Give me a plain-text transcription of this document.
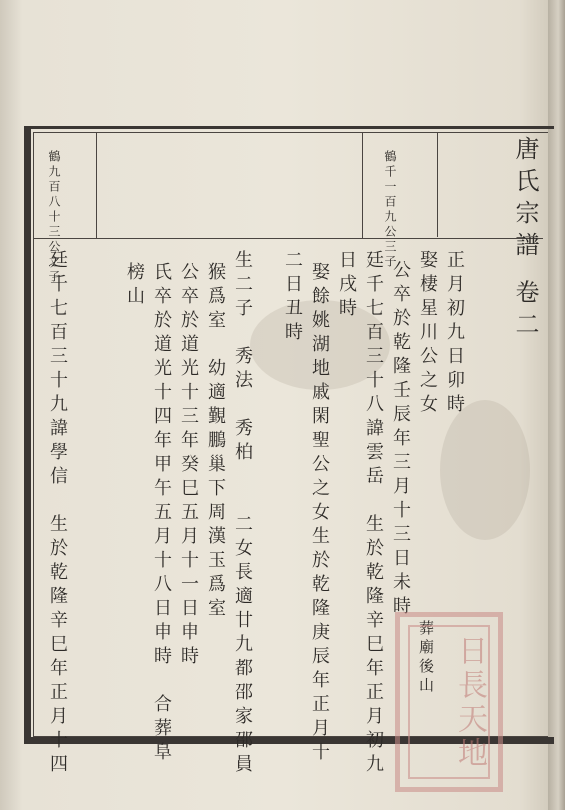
唐氏宗譜 卷二
鶴千一百九公三子
鶴九百八十三公之子
正月初九日卯時
娶棲星川公之女
公卒於乾隆壬辰年三月十三日未時
廷千七百三十八諱雲岳　生於乾隆辛巳年正月初九
日戌時
娶餘姚湖地戚閑聖公之女生於乾隆庚辰年正月十
二日丑時
生二子　秀法　秀柏　　二女長適廿九都邵家邵員
猴爲室　幼適覲鵬巢下周漢玉爲室
公卒於道光十三年癸巳五月十一日申時
氏卒於道光十四年甲午五月十八日申時　合葬阜
榜山
廷千七百三十九諱學信　生於乾隆辛巳年正月十四	葬廟後山 日長天地
